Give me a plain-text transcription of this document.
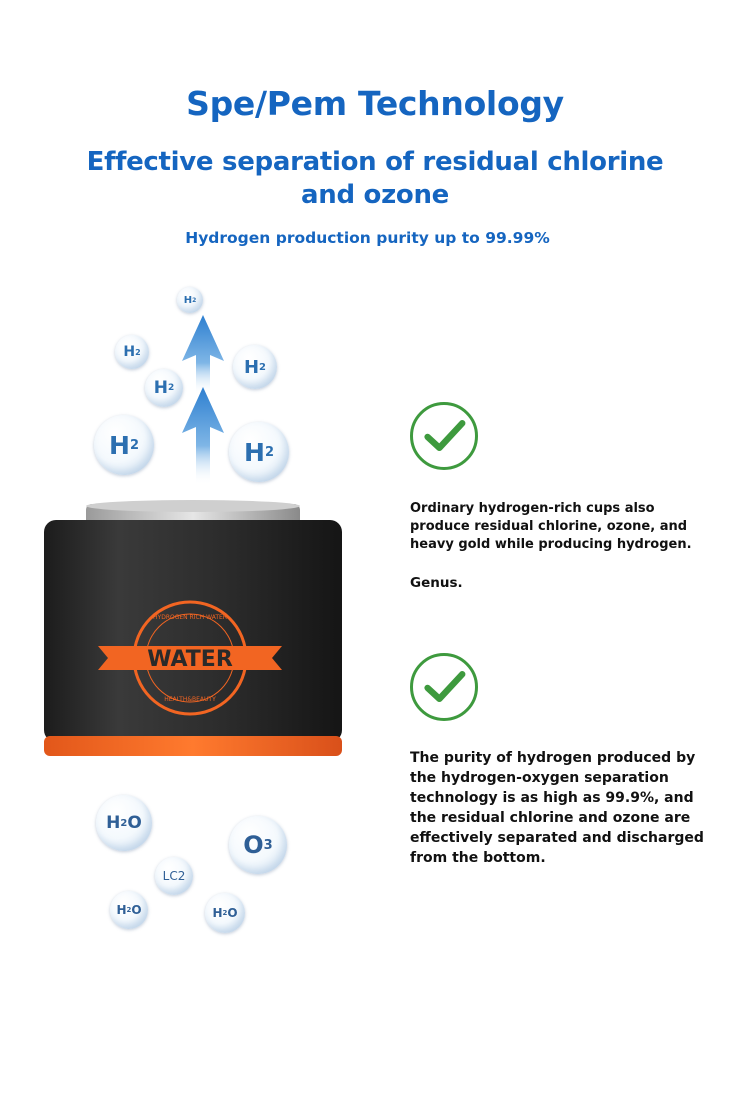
Spe/Pem Technology
Effective separation of residual chlorine and ozone

Hydrogen production purity up to 99.99%

H 2
H 2
H 2
H 2
H 2	H 2
WATER
HYDROGEN RICH WATER
HEALTH&BEAUTY
H 2 O
O 3
LC2
H 2 O	H 2 O

Ordinary hydrogen-rich cups also produce residual chlorine, ozone, and heavy gold while producing hydrogen.

Genus.

The purity of hydrogen produced by the hydrogen-oxygen separation technology is as high as 99.9%, and the residual chlorine and ozone are effectively separated and discharged from the bottom.
